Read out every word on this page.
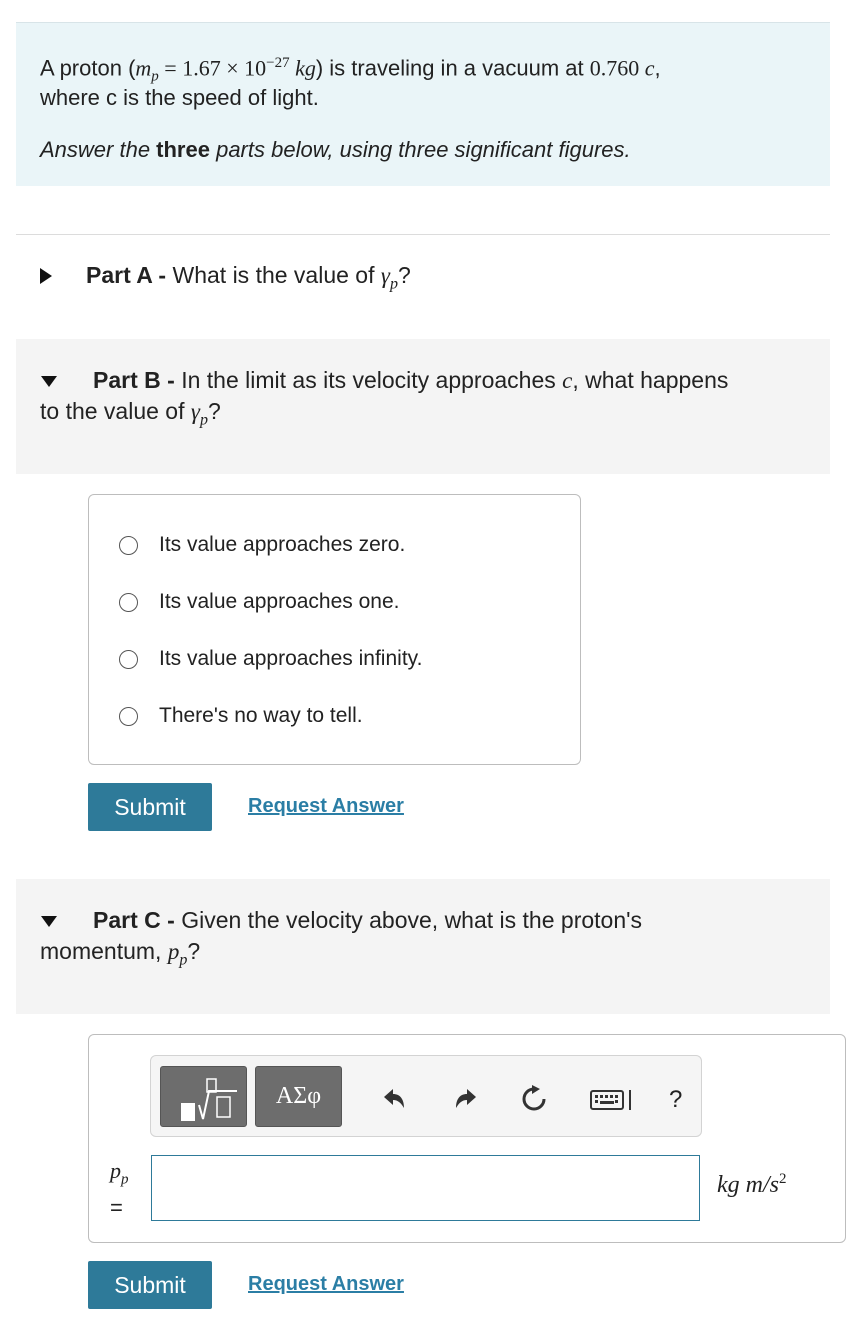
A proton ($m_p = 1.67 \times 10^{-27}$ kg) is traveling in a vacuum at 0.760 c,

where c is the speed of light.

Answer the three parts below, using three significant figures.

Part A - What is the value of $\gamma_p$?
Part B - In the limit as its velocity approaches c, what happens
to the value of $\gamma_p$?
Its value approaches zero.
Its value approaches one.
Its value approaches infinity.
There's no way to tell.
Submit	Request Answer
Part C - Given the velocity above, what is the proton's
momentum, $p_p$?
ΑΣφ	?
$p_p$
=
kg $m/s^2$
Submit	Request Answer
